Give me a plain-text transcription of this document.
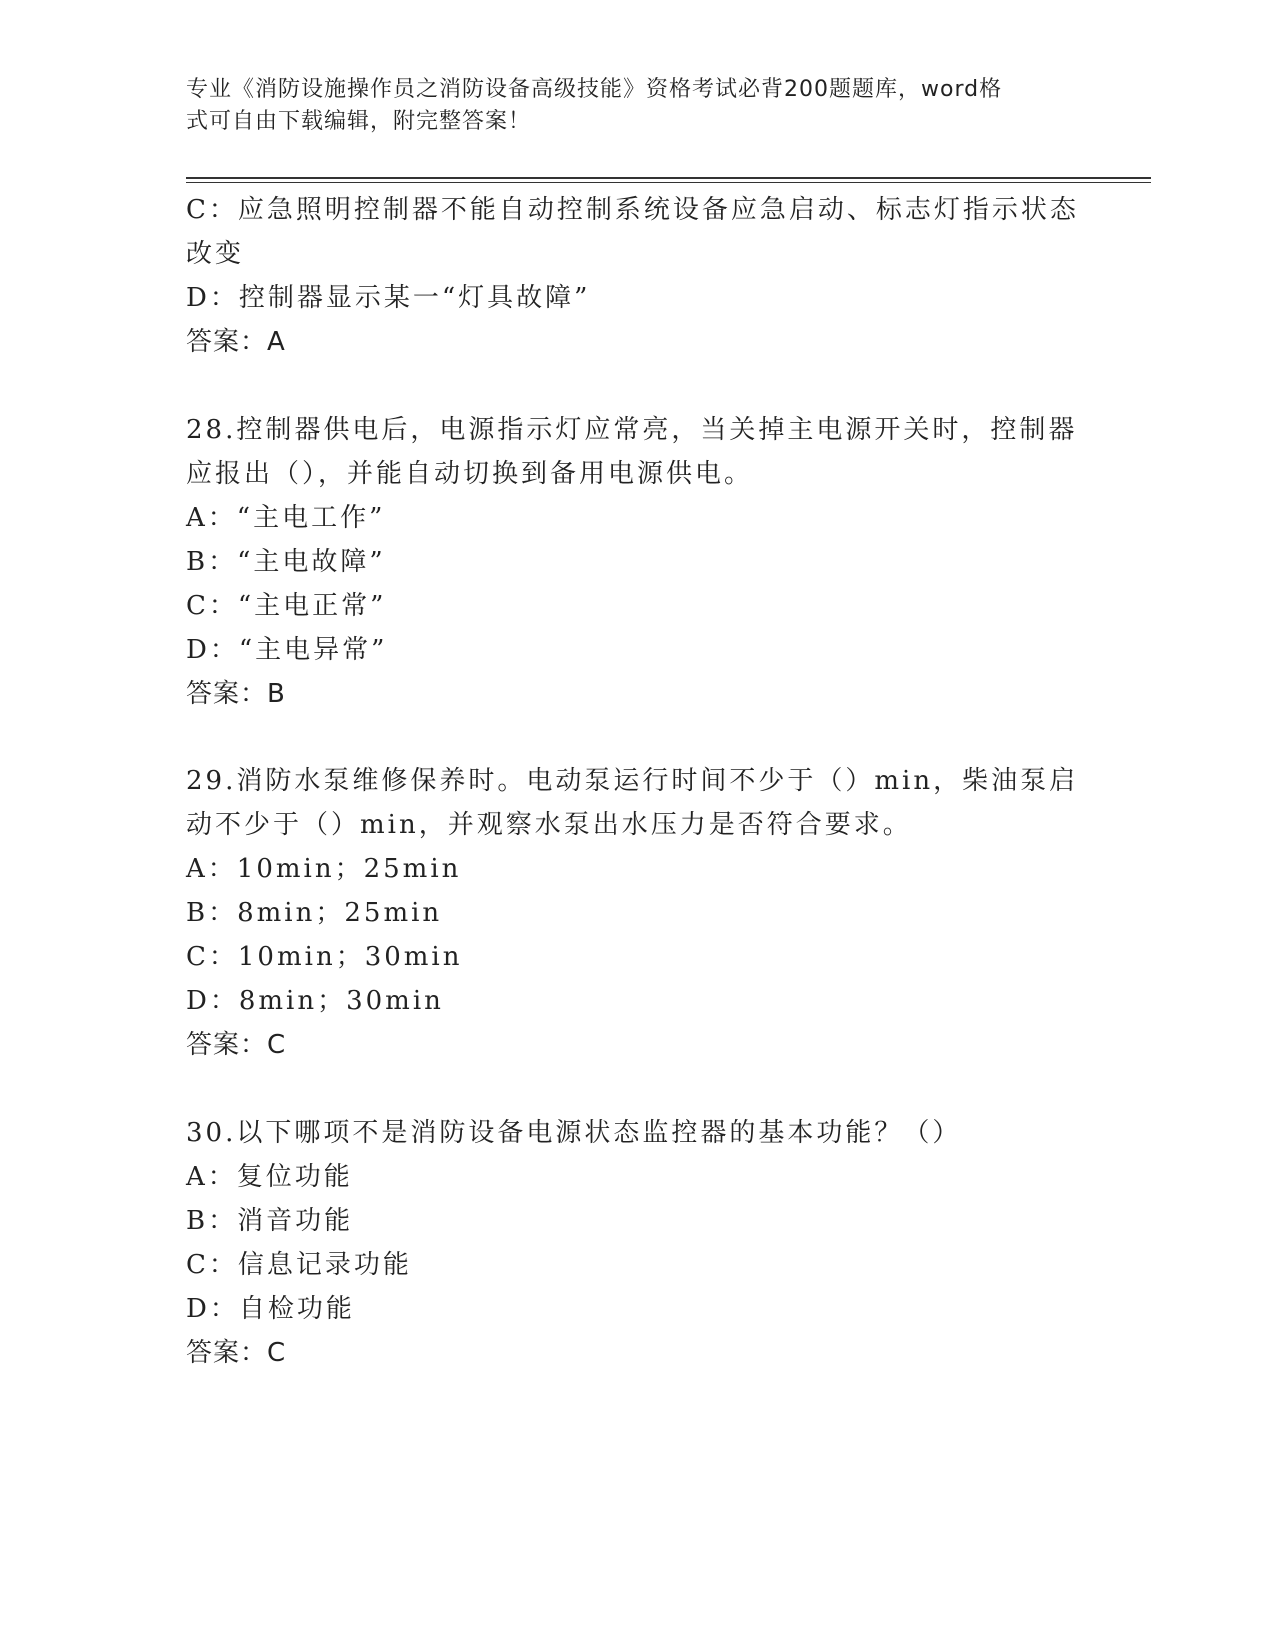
专业《消防设施操作员之消防设备高级技能》资格考试必背200题题库，word格
式可自由下载编辑，附完整答案！
C：应急照明控制器不能自动控制系统设备应急启动、标志灯指示状态
改变
D：控制器显示某一“灯具故障”
答案：A
28.控制器供电后，电源指示灯应常亮，当关掉主电源开关时，控制器
应报出（），并能自动切换到备用电源供电。
A：“主电工作”
B：“主电故障”
C：“主电正常”
D：“主电异常”
答案：B
29.消防水泵维修保养时。电动泵运行时间不少于（）min，柴油泵启
动不少于（）min，并观察水泵出水压力是否符合要求。
A：10min；25min
B：8min；25min
C：10min；30min
D：8min；30min
答案：C
30.以下哪项不是消防设备电源状态监控器的基本功能？（）
A：复位功能
B：消音功能
C：信息记录功能
D：自检功能
答案：C
